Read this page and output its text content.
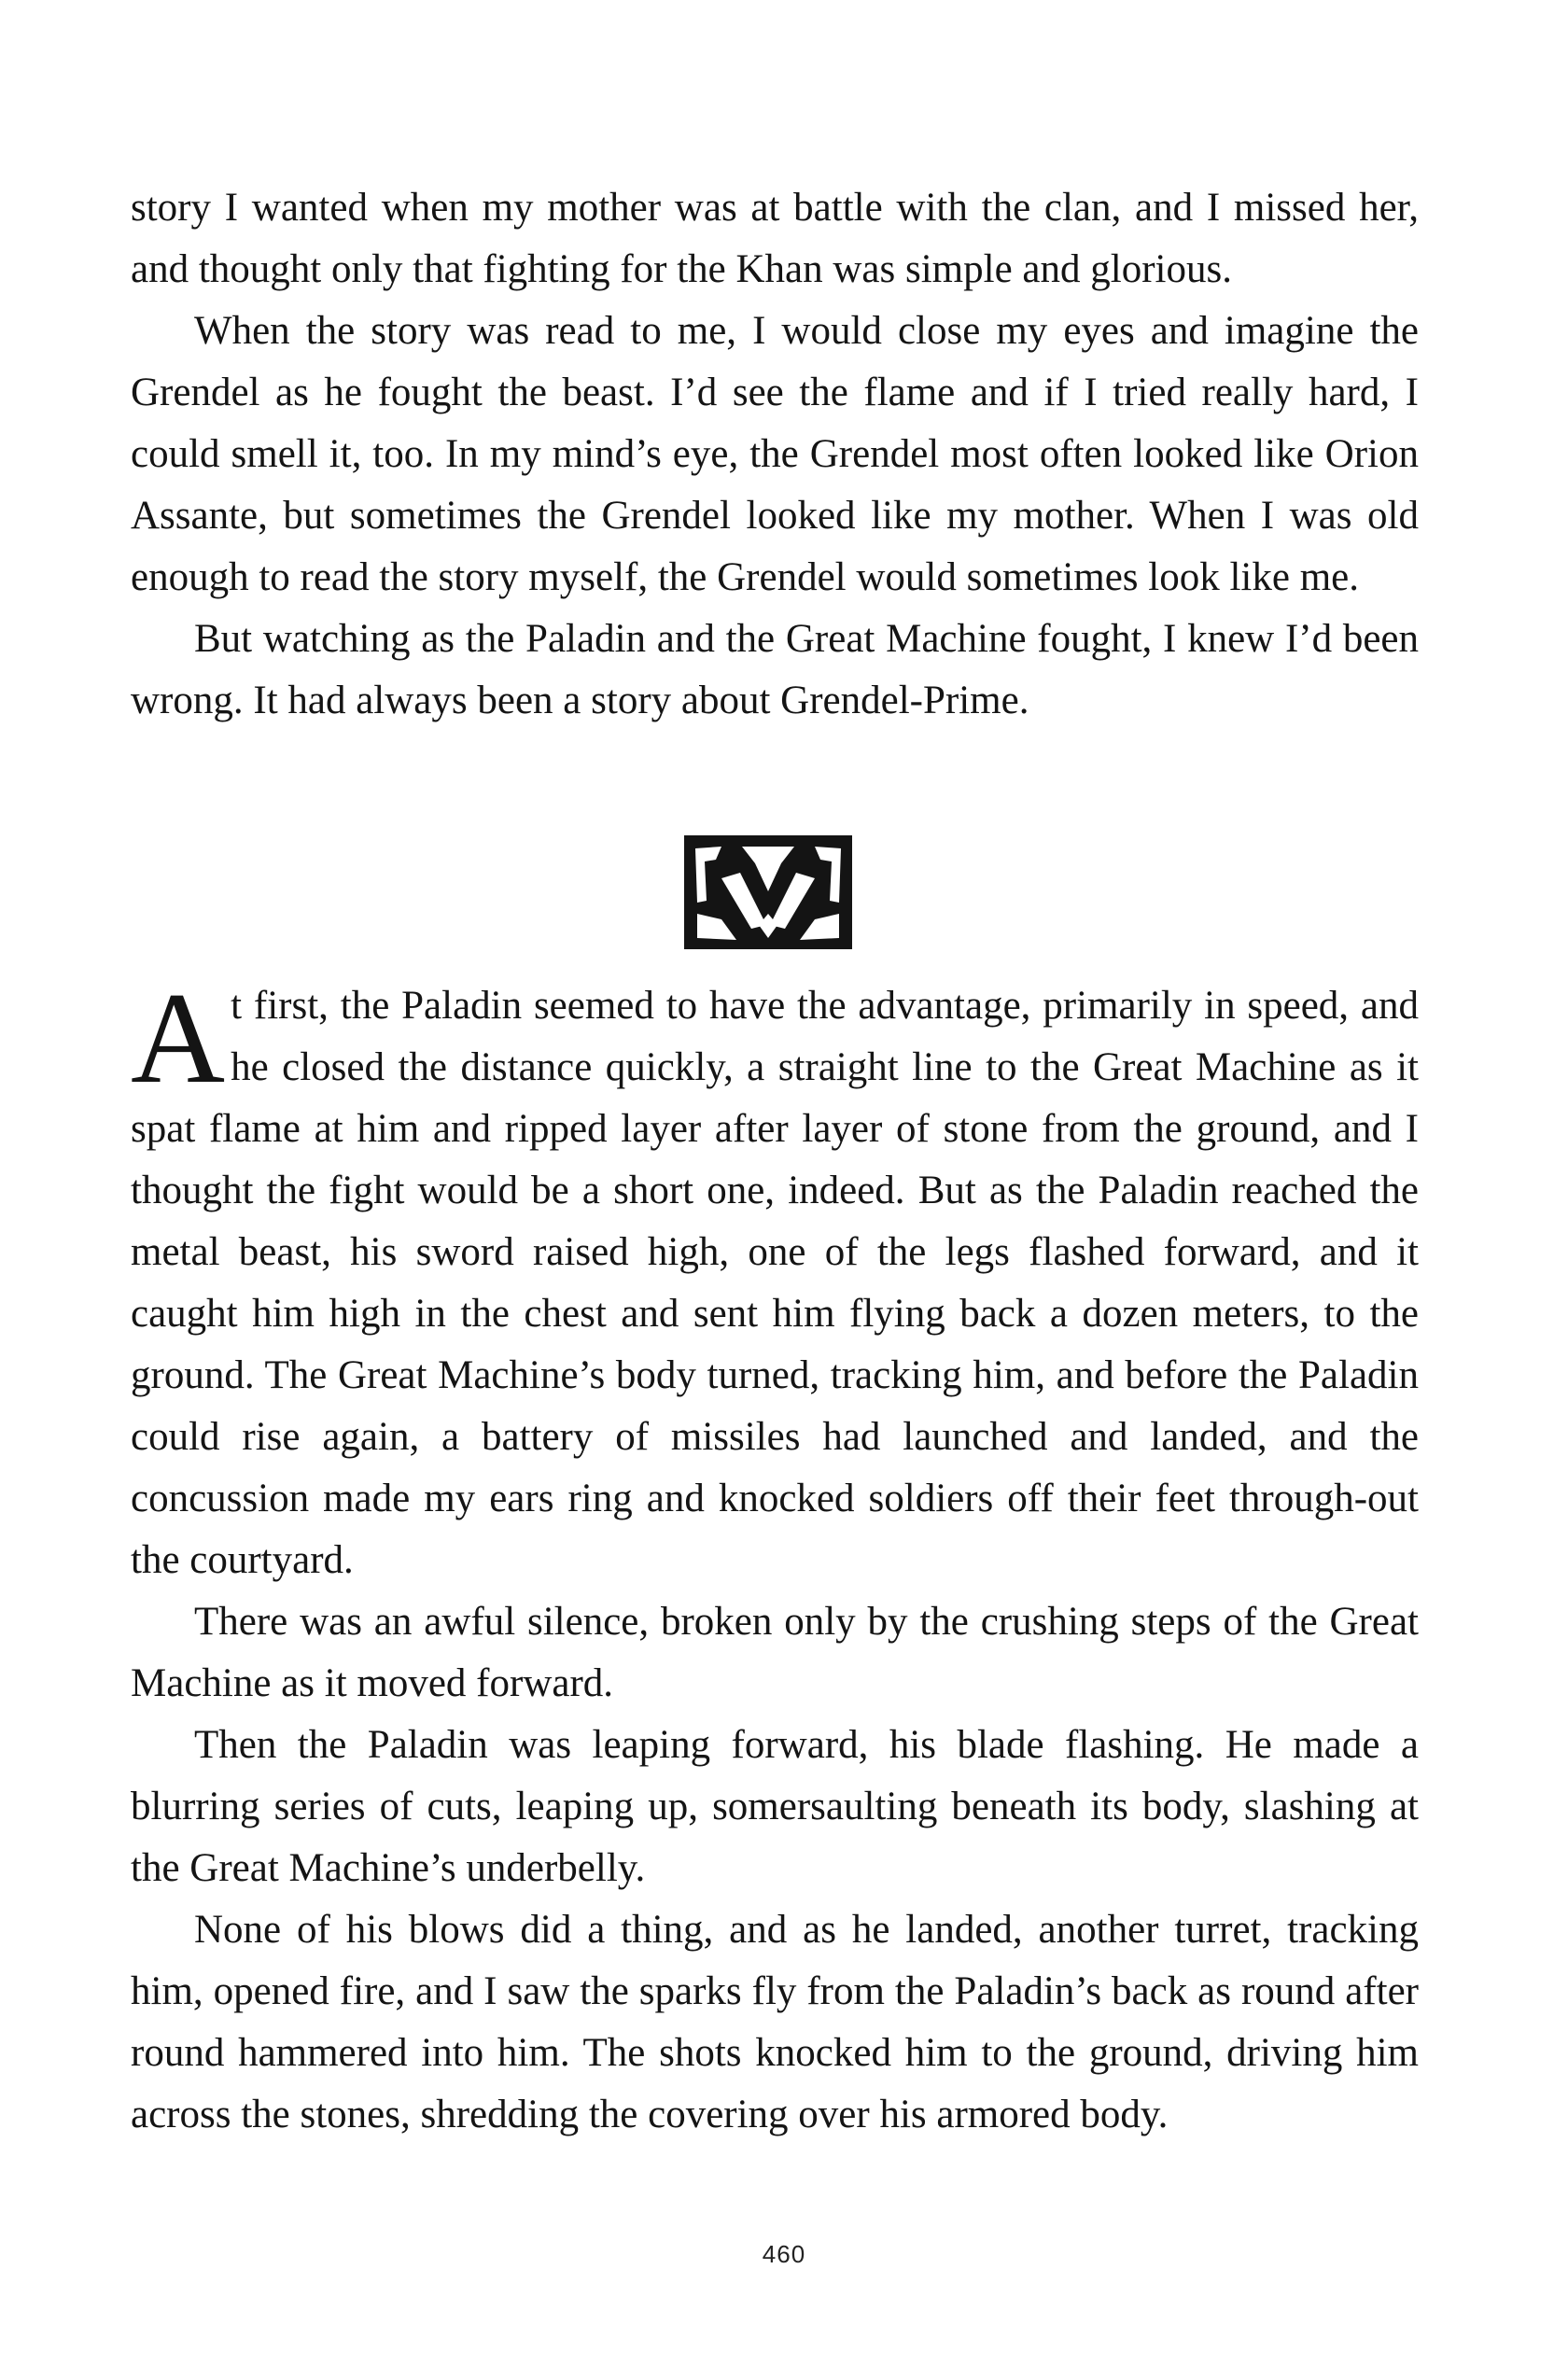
story I wanted when my mother was at battle with the clan, and I missed her, and thought only that fighting for the Khan was simple and glorious.

When the story was read to me, I would close my eyes and imagine the Grendel as he fought the beast. I’d see the flame and if I tried really hard, I could smell it, too. In my mind’s eye, the Grendel most often looked like Orion Assante, but sometimes the Grendel looked like my mother. When I was old enough to read the story myself, the Grendel would sometimes look like me.

But watching as the Paladin and the Great Machine fought, I knew I’d been wrong. It had always been a story about Grendel-Prime.

At first, the Paladin seemed to have the advantage, primarily in speed, and he closed the distance quickly, a straight line to the Great Machine as it spat flame at him and ripped layer after layer of stone from the ground, and I thought the fight would be a short one, indeed. But as the Paladin reached the metal beast, his sword raised high, one of the legs flashed forward, and it caught him high in the chest and sent him flying back a dozen meters, to the ground. The Great Machine’s body turned, tracking him, and before the Paladin could rise again, a battery of missiles had launched and landed, and the concussion made my ears ring and knocked soldiers off their feet through-out the courtyard.

There was an awful silence, broken only by the crushing steps of the Great Machine as it moved forward.

Then the Paladin was leaping forward, his blade flashing. He made a blurring series of cuts, leaping up, somersaulting beneath its body, slashing at the Great Machine’s underbelly.

None of his blows did a thing, and as he landed, another turret, tracking him, opened fire, and I saw the sparks fly from the Paladin’s back as round after round hammered into him. The shots knocked him to the ground, driving him across the stones, shredding the covering over his armored body.

460
